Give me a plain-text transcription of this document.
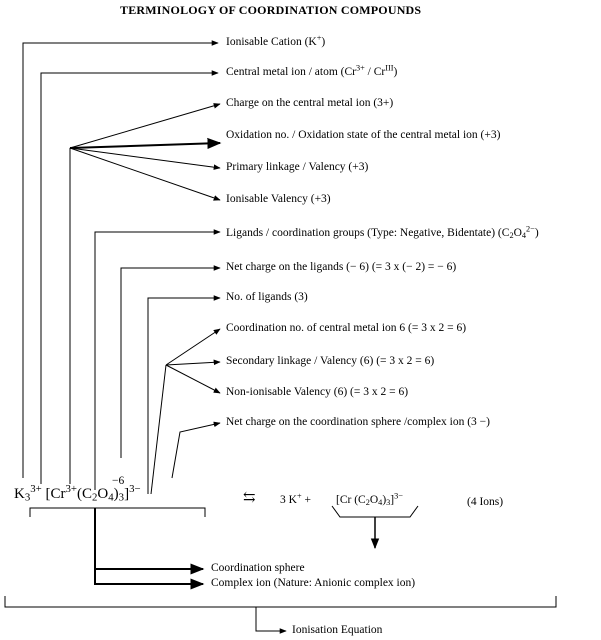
TERMINOLOGY OF COORDINATION COMPOUNDS
Ionisable Cation (K+)
Central metal ion / atom $(Cr^{3+} / Cr^{III})$
Charge on the central metal ion (3+)
Oxidation no. / Oxidation state of the central metal ion (+3)
Primary linkage / Valency (+3)
Ionisable Valency (+3)
Ligands / coordination groups (Type: Negative, Bidentate) $(C_2O_4^{2-})$
Net charge on the ligands (− 6) (= 3 x (− 2) = − 6)
No. of ligands (3)
Coordination no. of central metal ion 6 (= 3 x 2 = 6)
Secondary linkage / Valency (6) (= 3 x 2 = 6)
Non-ionisable Valency (6) (= 3 x 2 = 6)
Net charge on the coordination sphere /complex ion (3 −)
−6
$K_3^{3+}$ $[Cr^{3+}(C_2O_4)_3]^{3-}$
⇆ 3 K+ + [Cr $(C_2O_4)_3]^{3-}$
(4 Ions)
Coordination sphere
Complex ion (Nature: Anionic complex ion)
Ionisation Equation
